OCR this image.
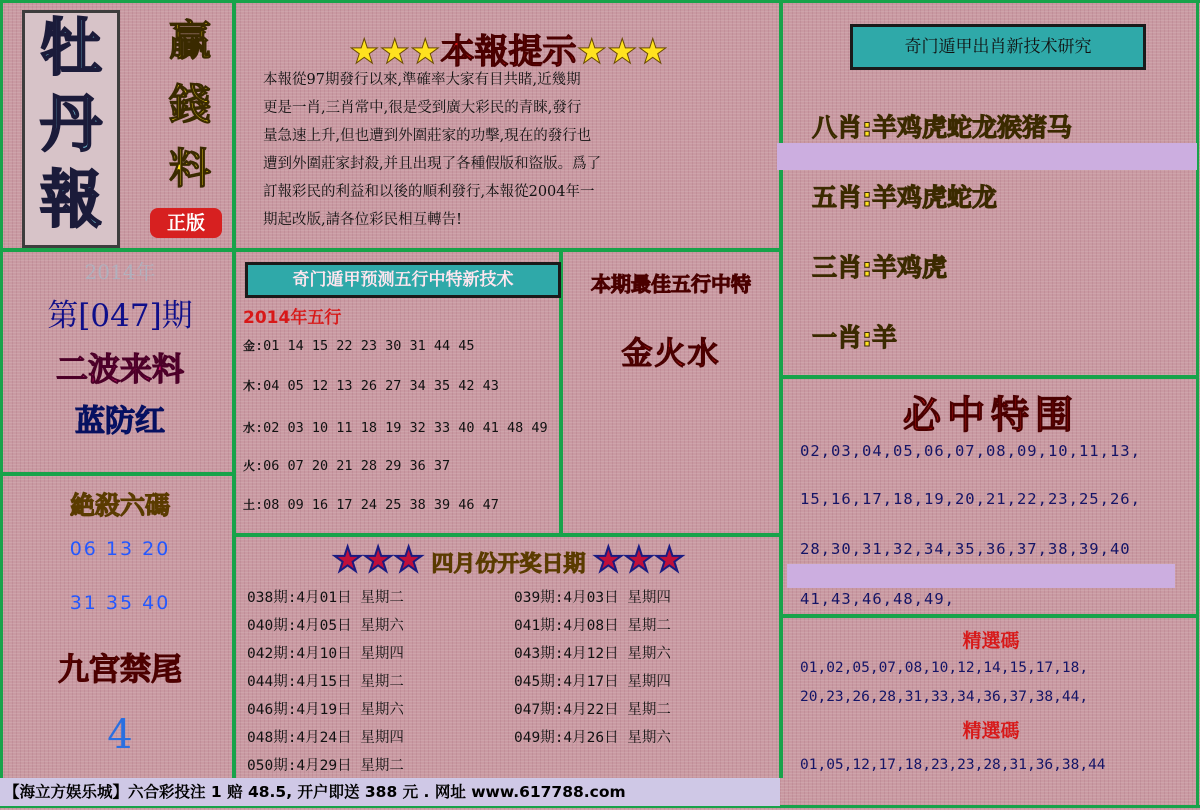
牡
丹
報
贏
錢
料
正版
2014年
第[047]期
二波来料
蓝防红
絶殺六碼
06 13 20
31 35 40
九宫禁尾
4
★★★本報提示★★★
本報從97期發行以來,準確率大家有目共睹,近幾期
更是一肖,三肖常中,很是受到廣大彩民的青睞,發行
量急速上升,但也遭到外圍莊家的功擊,現在的發行也
遭到外圍莊家封殺,并且出現了各種假版和盜版。爲了
訂報彩民的利益和以後的順利發行,本報從2004年一
期起改版,請各位彩民相互轉告!
奇门遁甲预测五行中特新技术
2014年五行
金:01 14 15 22 23 30 31 44 45
木:04 05 12 13 26 27 34 35 42 43
水:02 03 10 11 18 19 32 33 40 41 48 49
火:06 07 20 21 28 29 36 37
土:08 09 16 17 24 25 38 39 46 47
本期最佳五行中特
金火水
★★★ 四月份开奖日期 ★★★
038期:4月01日 星期二
040期:4月05日 星期六
042期:4月10日 星期四
044期:4月15日 星期二
046期:4月19日 星期六
048期:4月24日 星期四
050期:4月29日 星期二
039期:4月03日 星期四
041期:4月08日 星期二
043期:4月12日 星期六
045期:4月17日 星期四
047期:4月22日 星期二
049期:4月26日 星期六
奇门遁甲出肖新技术研究
八肖:羊鸡虎蛇龙猴猪马
五肖:羊鸡虎蛇龙
三肖:羊鸡虎
一肖:羊
必中特围
02,03,04,05,06,07,08,09,10,11,13,
15,16,17,18,19,20,21,22,23,25,26,
28,30,31,32,34,35,36,37,38,39,40
41,43,46,48,49,
精選碼
01,02,05,07,08,10,12,14,15,17,18,
20,23,26,28,31,33,34,36,37,38,44,
精選碼
01,05,12,17,18,23,23,28,31,36,38,44
【海立方娱乐城】六合彩投注 1 赔 48.5, 开户即送 388 元 . 网址 www.617788.com
